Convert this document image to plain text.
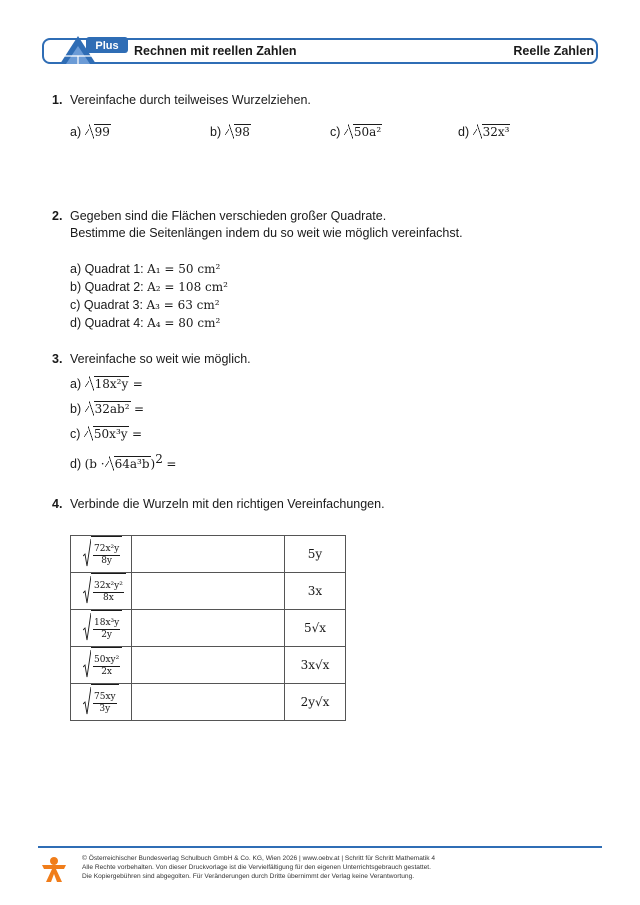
Plus Rechnen mit reellen Zahlen	Reelle Zahlen
1. Vereinfache durch teilweises Wurzelziehen.
a) 99	b) 98	c) 50a²	d) 32x³
2. Gegeben sind die Flächen verschieden großer Quadrate.
Bestimme die Seitenlängen indem du so weit wie möglich vereinfachst.
a) Quadrat 1: A₁ = 50 cm²
b) Quadrat 2: A₂ = 108 cm²
c) Quadrat 3: A₃ = 63 cm²
d) Quadrat 4: A₄ = 80 cm²
3. Vereinfache so weit wie möglich.
a) 18x²y =
b) 32ab² =
c) 50x³y =
d) $(b \cdot 64a^3b)^2$ =
4. Verbinde die Wurzeln mit den richtigen Vereinfachungen.
$\frac{\text{72x²y}}{8y}$		5y

$\frac{\text{32x²y²}}{8x}$		3x

$\frac{\text{18x³y}}{2y}$		5√x

$\frac{\text{50xy²}}{2x}$		3x√x

$\frac{75xy}{3y}$		2y√x
© Österreichischer Bundesverlag Schulbuch GmbH & Co. KG, Wien 2026 | www.oebv.at | Schritt für Schritt Mathematik 4
Alle Rechte vorbehalten. Von dieser Druckvorlage ist die Vervielfältigung für den eigenen Unterrichtsgebrauch gestattet.
Die Kopiergebühren sind abgegolten. Für Veränderungen durch Dritte übernimmt der Verlag keine Verantwortung.
